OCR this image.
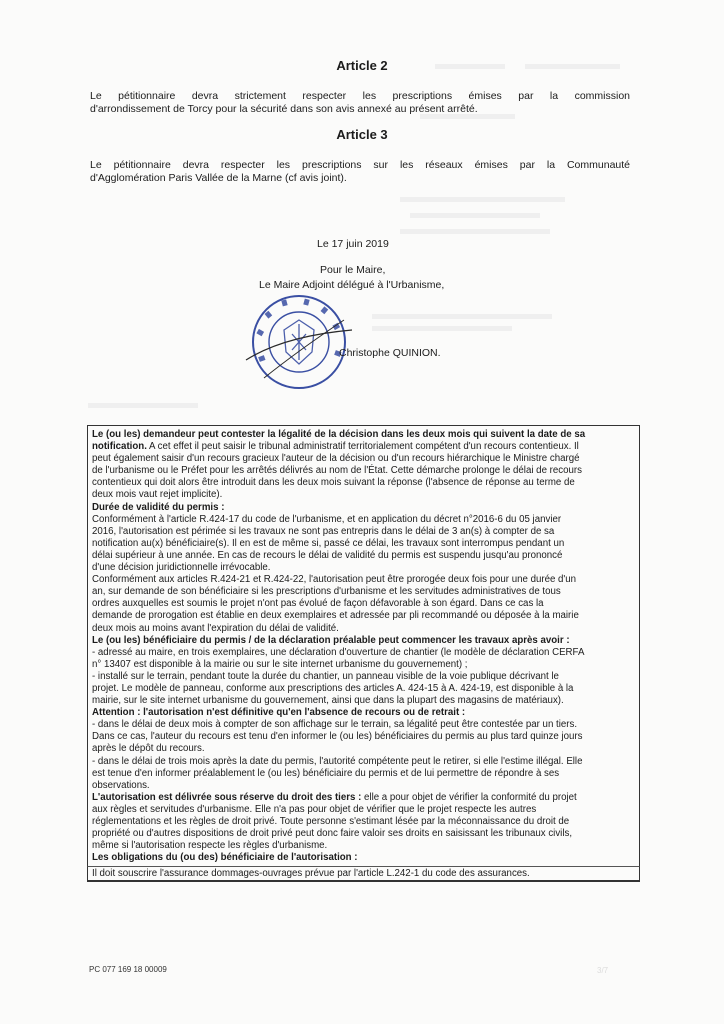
Article 2
Le pétitionnaire devra strictement respecter les prescriptions émises par la commission
d'arrondissement de Torcy pour la sécurité dans son avis annexé au présent arrêté.
Article 3
Le pétitionnaire devra respecter les prescriptions sur les réseaux émises par la Communauté
d'Agglomération Paris Vallée de la Marne (cf avis joint).
Le 17 juin 2019
Pour le Maire,
Le Maire Adjoint délégué à l'Urbanisme,
Christophe QUINION.
Le (ou les) demandeur peut contester la légalité de la décision dans les deux mois qui suivent la date de sa
notification. A cet effet il peut saisir le tribunal administratif territorialement compétent d'un recours contentieux. Il
peut également saisir d'un recours gracieux l'auteur de la décision ou d'un recours hiérarchique le Ministre chargé
de l'urbanisme ou le Préfet pour les arrêtés délivrés au nom de l'État. Cette démarche prolonge le délai de recours
contentieux qui doit alors être introduit dans les deux mois suivant la réponse (l'absence de réponse au terme de
deux mois vaut rejet implicite).
Durée de validité du permis :
Conformément à l'article R.424-17 du code de l'urbanisme, et en application du décret n°2016-6 du 05 janvier
2016, l'autorisation est périmée si les travaux ne sont pas entrepris dans le délai de 3 an(s) à compter de sa
notification au(x) bénéficiaire(s). Il en est de même si, passé ce délai, les travaux sont interrompus pendant un
délai supérieur à une année. En cas de recours le délai de validité du permis est suspendu jusqu'au prononcé
d'une décision juridictionnelle irrévocable.
Conformément aux articles R.424-21 et R.424-22, l'autorisation peut être prorogée deux fois pour une durée d'un
an, sur demande de son bénéficiaire si les prescriptions d'urbanisme et les servitudes administratives de tous
ordres auxquelles est soumis le projet n'ont pas évolué de façon défavorable à son égard. Dans ce cas la
demande de prorogation est établie en deux exemplaires et adressée par pli recommandé ou déposée à la mairie
deux mois au moins avant l'expiration du délai de validité.
Le (ou les) bénéficiaire du permis / de la déclaration préalable peut commencer les travaux après avoir :
- adressé au maire, en trois exemplaires, une déclaration d'ouverture de chantier (le modèle de déclaration CERFA
n° 13407 est disponible à la mairie ou sur le site internet urbanisme du gouvernement) ;
- installé sur le terrain, pendant toute la durée du chantier, un panneau visible de la voie publique décrivant le
projet. Le modèle de panneau, conforme aux prescriptions des articles A. 424-15 à A. 424-19, est disponible à la
mairie, sur le site internet urbanisme du gouvernement, ainsi que dans la plupart des magasins de matériaux).
Attention : l'autorisation n'est définitive qu'en l'absence de recours ou de retrait :
- dans le délai de deux mois à compter de son affichage sur le terrain, sa légalité peut être contestée par un tiers.
Dans ce cas, l'auteur du recours est tenu d'en informer le (ou les) bénéficiaires du permis au plus tard quinze jours
après le dépôt du recours.
- dans le délai de trois mois après la date du permis, l'autorité compétente peut le retirer, si elle l'estime illégal. Elle
est tenue d'en informer préalablement le (ou les) bénéficiaire du permis et de lui permettre de répondre à ses
observations.
L'autorisation est délivrée sous réserve du droit des tiers : elle a pour objet de vérifier la conformité du projet
aux règles et servitudes d'urbanisme. Elle n'a pas pour objet de vérifier que le projet respecte les autres
réglementations et les règles de droit privé. Toute personne s'estimant lésée par la méconnaissance du droit de
propriété ou d'autres dispositions de droit privé peut donc faire valoir ses droits en saisissant les tribunaux civils,
même si l'autorisation respecte les règles d'urbanisme.
Les obligations du (ou des) bénéficiaire de l'autorisation :
Il doit souscrire l'assurance dommages-ouvrages prévue par l'article L.242-1 du code des assurances.
PC 077 169 18 00009	3/7
